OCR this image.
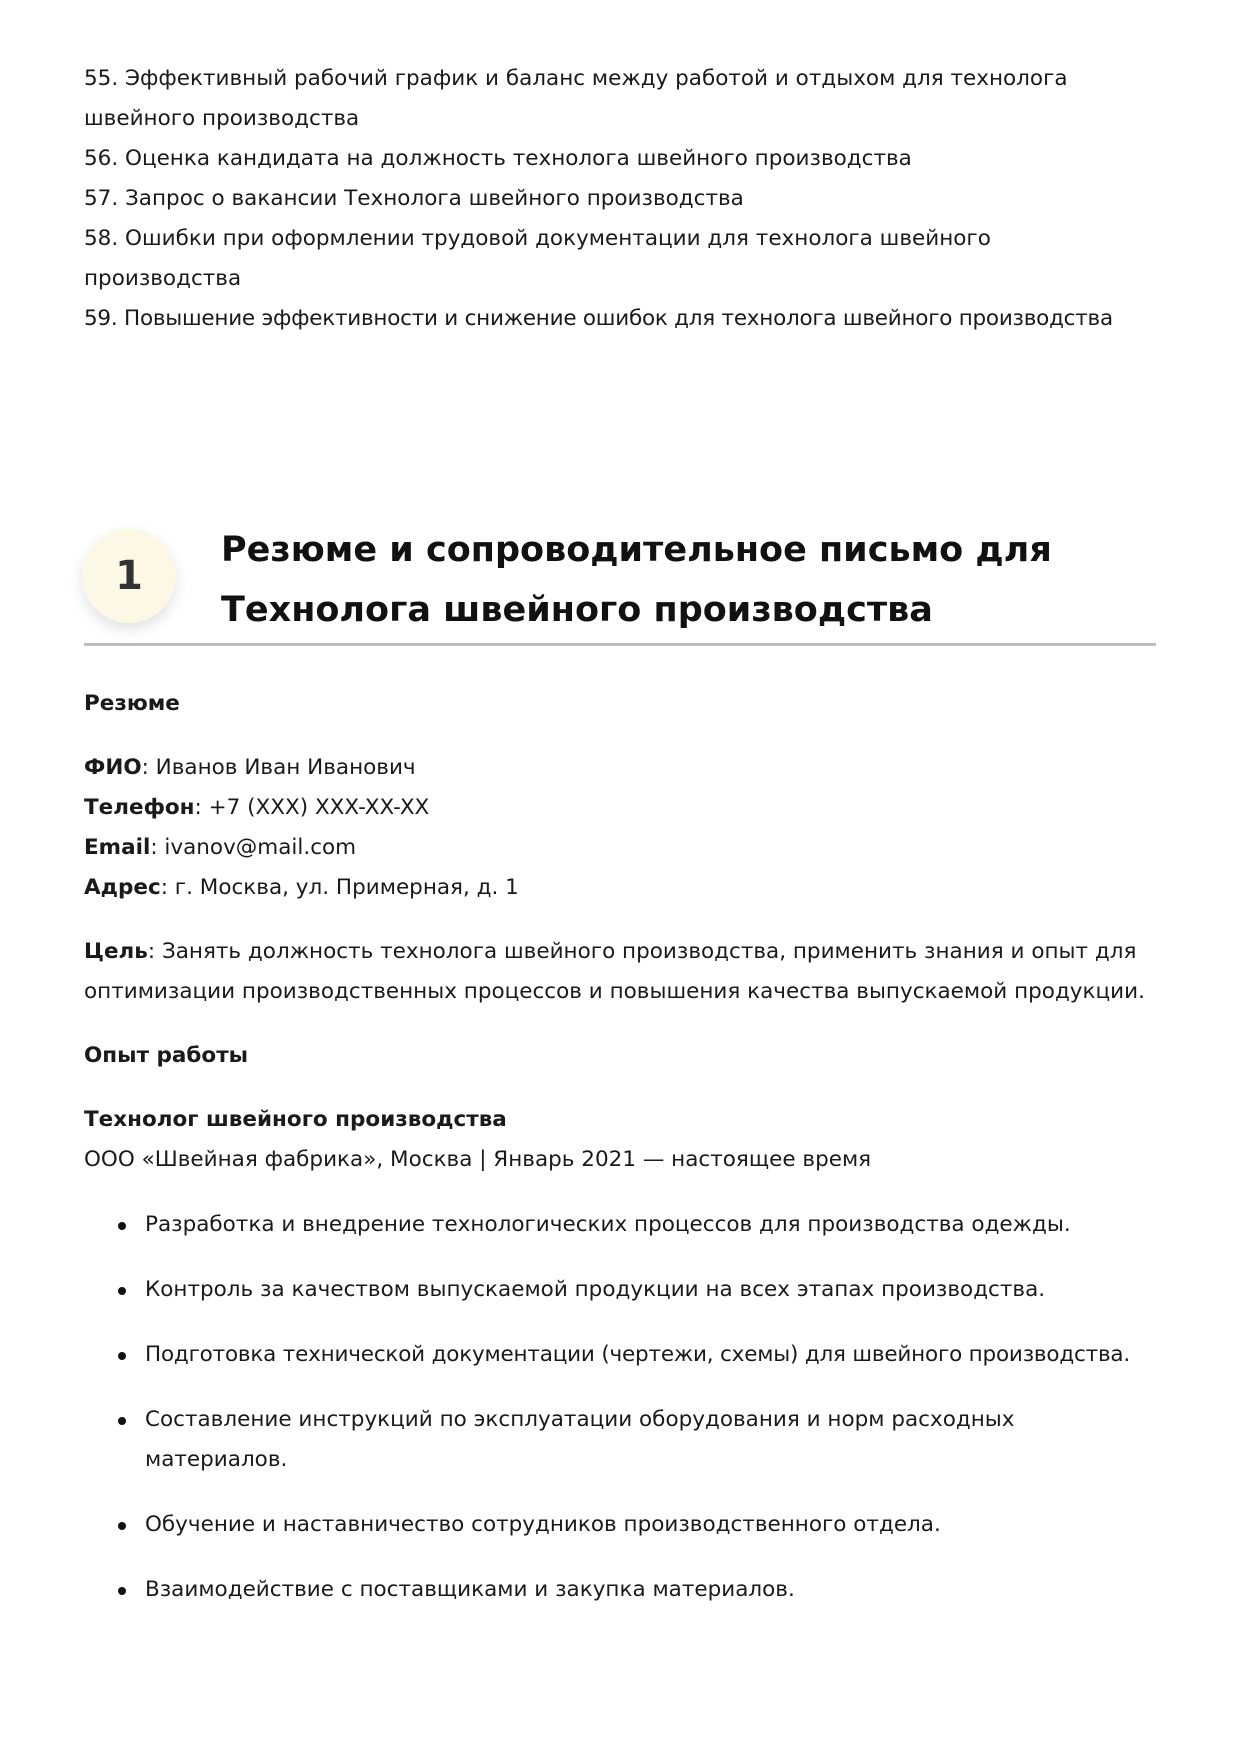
55. Эффективный рабочий график и баланс между работой и отдыхом для технолога швейного производства

56. Оценка кандидата на должность технолога швейного производства

57. Запрос о вакансии Технолога швейного производства

58. Ошибки при оформлении трудовой документации для технолога швейного производства

59. Повышение эффективности и снижение ошибок для технолога швейного производства

1
Резюме и сопроводительное письмо для
Технолога швейного производства

Резюме

ФИО: Иванов Иван Иванович

Телефон: +7 (XXX) XXX-XX-XX

Email: ivanov@mail.com

Адрес: г. Москва, ул. Примерная, д. 1

Цель: Занять должность технолога швейного производства, применить знания и опыт для оптимизации производственных процессов и повышения качества выпускаемой продукции.

Опыт работы

Технолог швейного производства

ООО «Швейная фабрика», Москва | Январь 2021 — настоящее время

Разработка и внедрение технологических процессов для производства одежды.
Контроль за качеством выпускаемой продукции на всех этапах производства.
Подготовка технической документации (чертежи, схемы) для швейного производства.
Составление инструкций по эксплуатации оборудования и норм расходных материалов.
Обучение и наставничество сотрудников производственного отдела.
Взаимодействие с поставщиками и закупка материалов.
